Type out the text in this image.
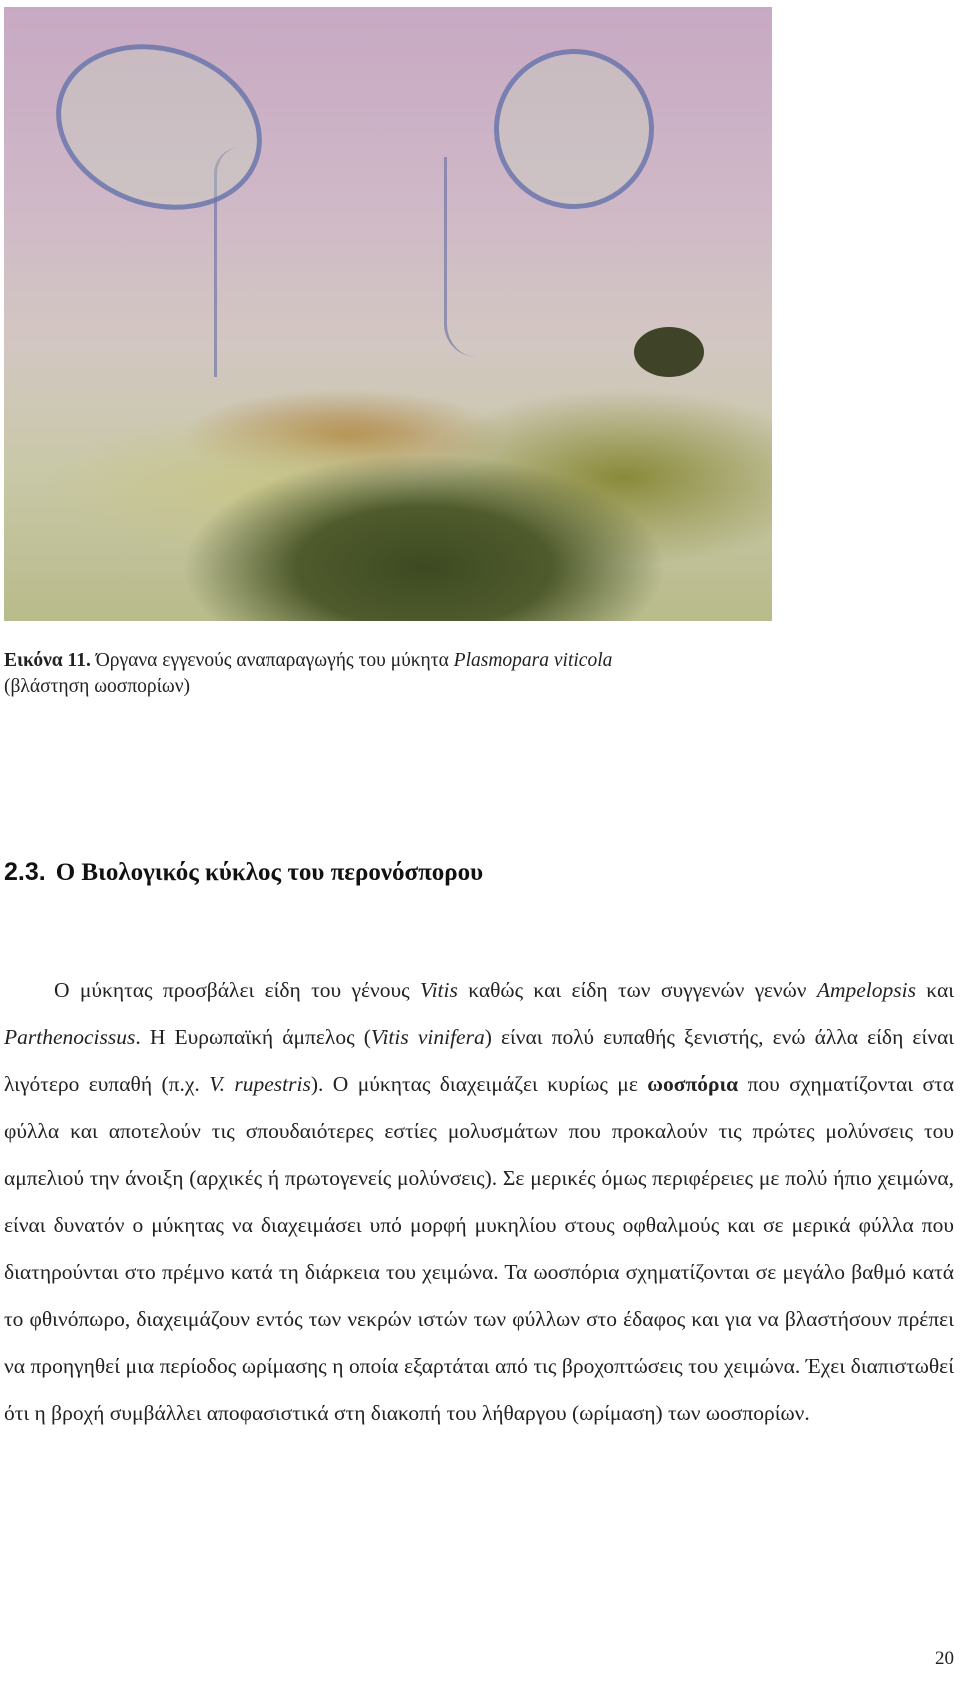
Εικόνα 11. Όργανα εγγενούς αναπαραγωγής του μύκητα Plasmopara viticola
(βλάστηση ωοσπορίων)
2.3. Ο Βιολογικός κύκλος του περονόσπορου

Ο μύκητας προσβάλει είδη του γένους Vitis καθώς και είδη των συγγενών γενών Ampelopsis και Parthenocissus. Η Ευρωπαϊκή άμπελος (Vitis vinifera) είναι πολύ ευπαθής ξενιστής, ενώ άλλα είδη είναι λιγότερο ευπαθή (π.χ. V. rupestris). Ο μύκητας διαχειμάζει κυρίως με ωοσπόρια που σχηματίζονται στα φύλλα και αποτελούν τις σπουδαιότερες εστίες μολυσμάτων που προκαλούν τις πρώτες μολύνσεις του αμπελιού την άνοιξη (αρχικές ή πρωτογενείς μολύνσεις). Σε μερικές όμως περιφέρειες με πολύ ήπιο χειμώνα, είναι δυνατόν ο μύκητας να διαχειμάσει υπό μορφή μυκηλίου στους οφθαλμούς και σε μερικά φύλλα που διατηρούνται στο πρέμνο κατά τη διάρκεια του χειμώνα. Τα ωοσπόρια σχηματίζονται σε μεγάλο βαθμό κατά το φθινόπωρο, διαχειμάζουν εντός των νεκρών ιστών των φύλλων στο έδαφος και για να βλαστήσουν πρέπει να προηγηθεί μια περίοδος ωρίμασης η οποία εξαρτάται από τις βροχοπτώσεις του χειμώνα. Έχει διαπιστωθεί ότι η βροχή συμβάλλει αποφασιστικά στη διακοπή του λήθαργου (ωρίμαση) των ωοσπορίων.

20
